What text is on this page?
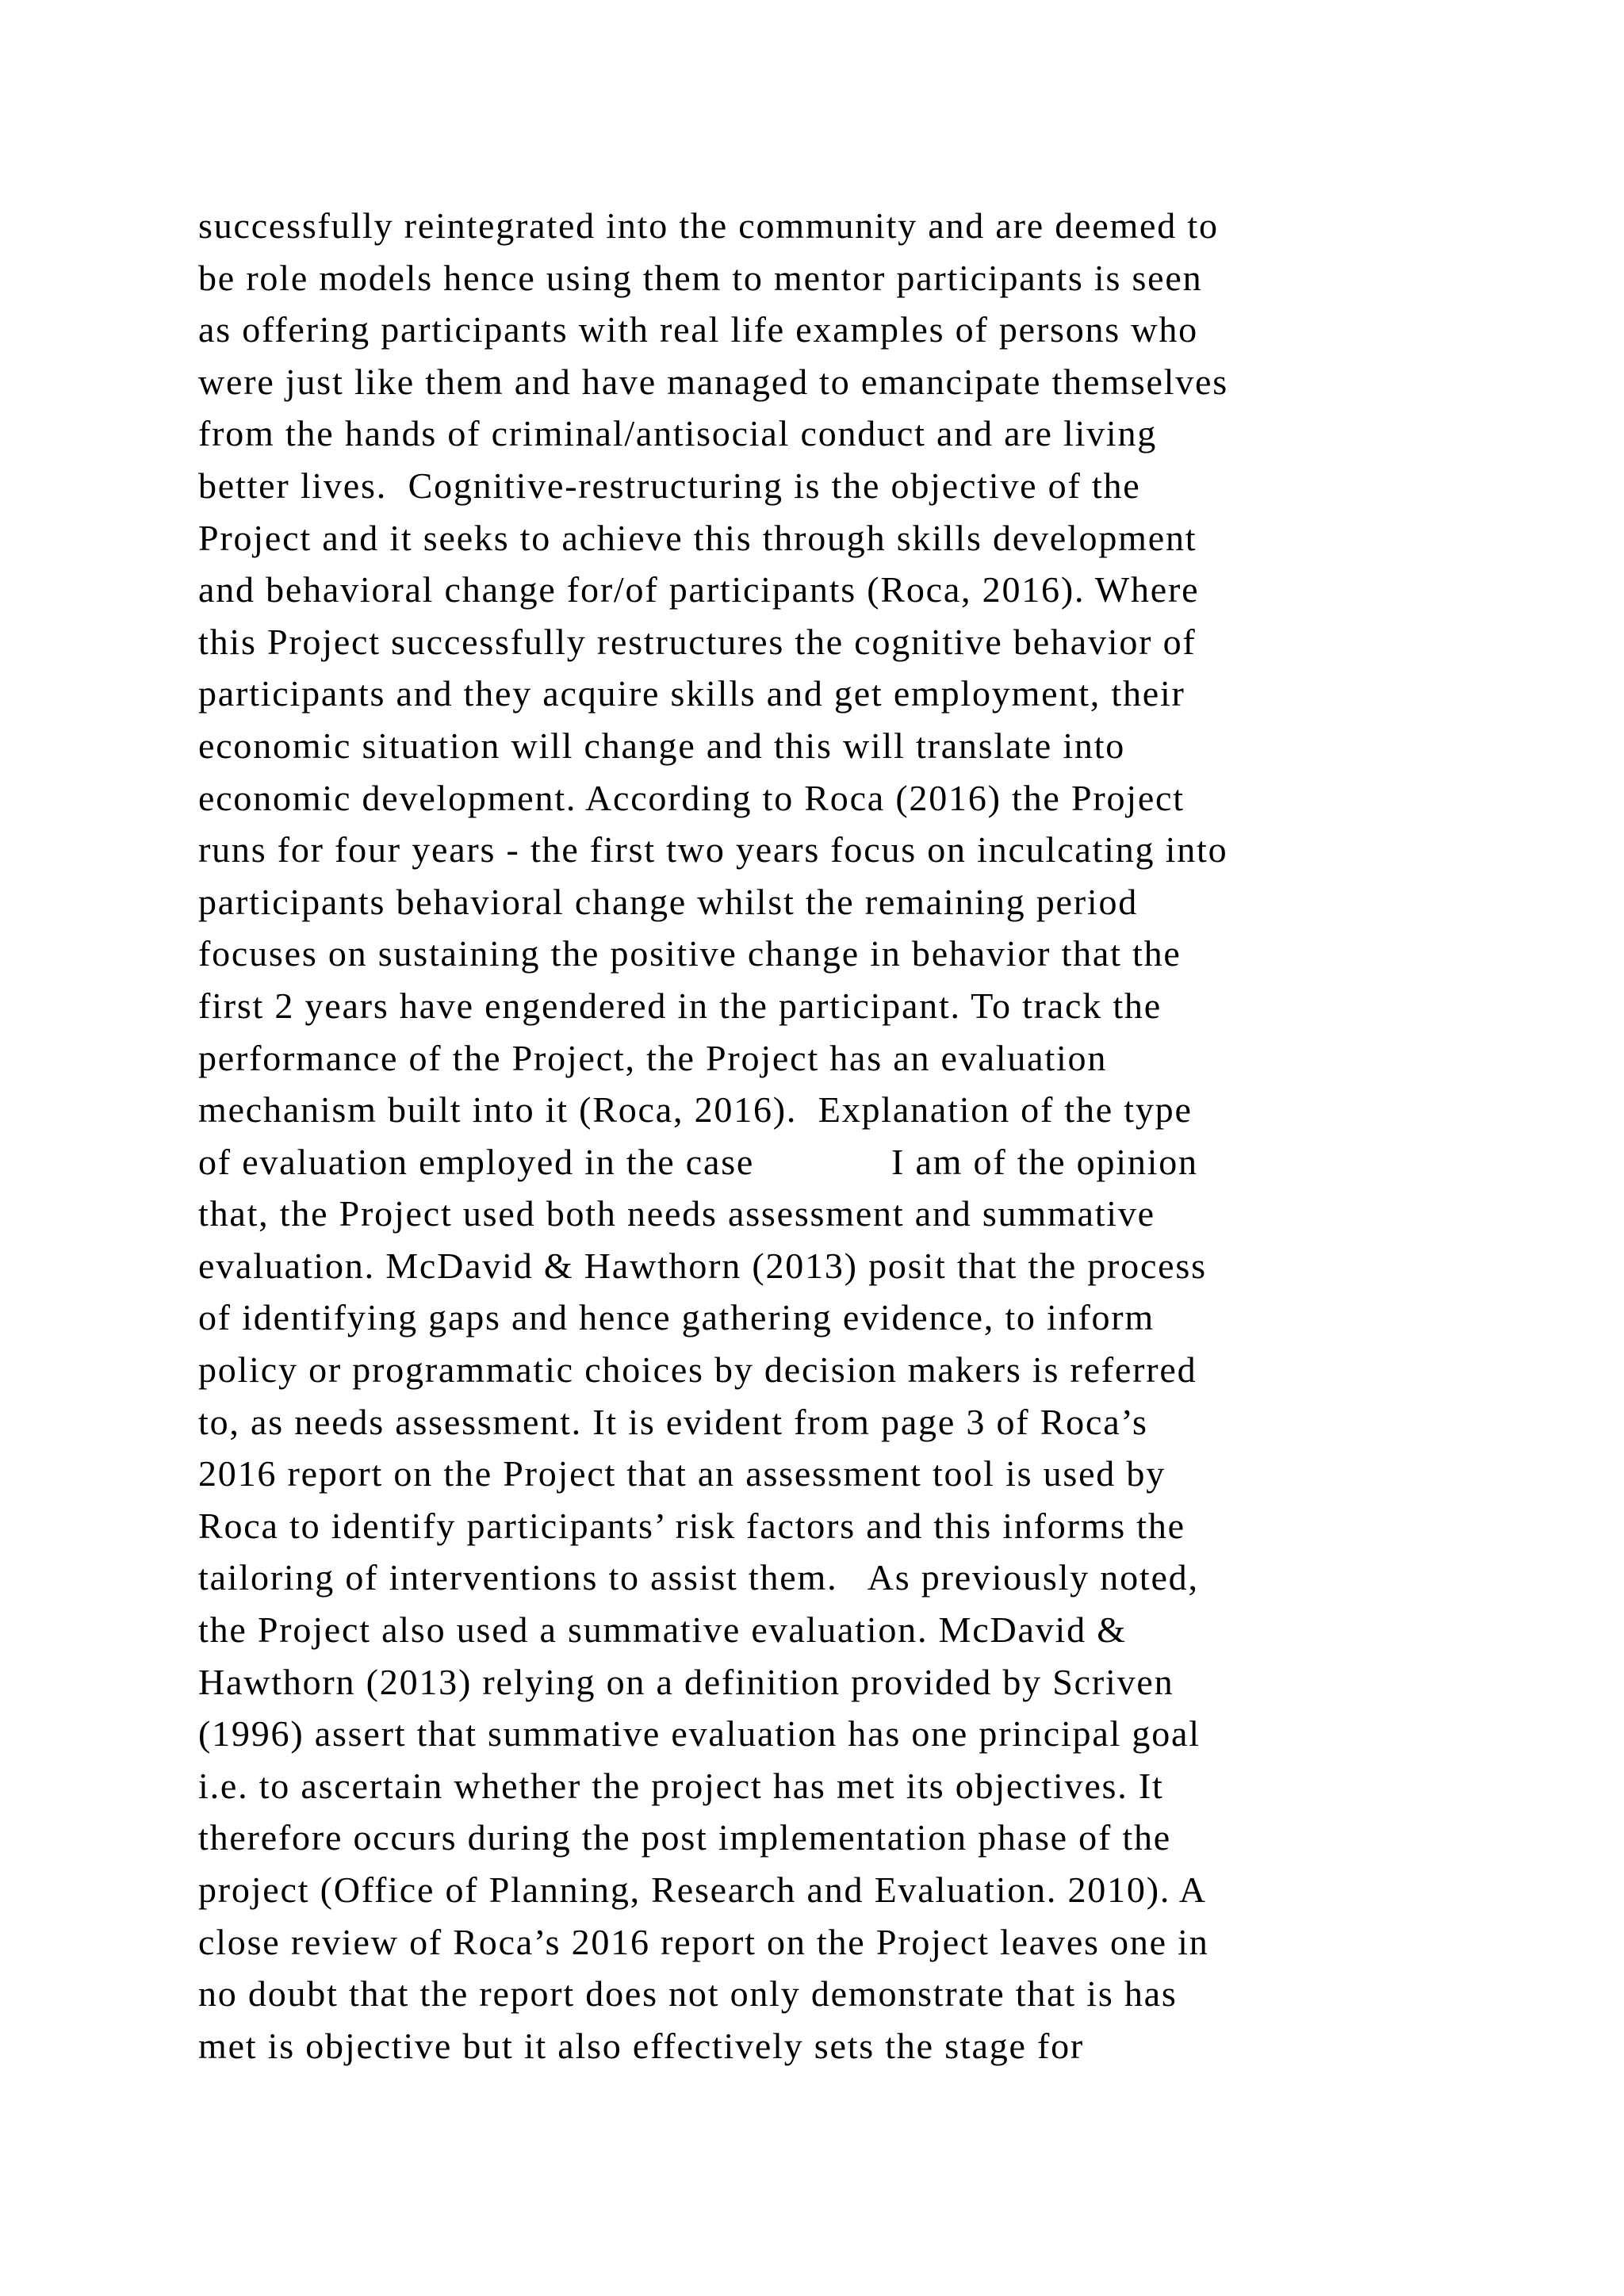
successfully reintegrated into the community and are deemed to
be role models hence using them to mentor participants is seen
as offering participants with real life examples of persons who
were just like them and have managed to emancipate themselves
from the hands of criminal/antisocial conduct and are living
better lives.  Cognitive-restructuring is the objective of the
Project and it seeks to achieve this through skills development
and behavioral change for/of participants (Roca, 2016). Where
this Project successfully restructures the cognitive behavior of
participants and they acquire skills and get employment, their
economic situation will change and this will translate into
economic development. According to Roca (2016) the Project
runs for four years - the first two years focus on inculcating into
participants behavioral change whilst the remaining period
focuses on sustaining the positive change in behavior that the
first 2 years have engendered in the participant. To track the
performance of the Project, the Project has an evaluation
mechanism built into it (Roca, 2016).  Explanation of the type
of evaluation employed in the case             I am of the opinion
that, the Project used both needs assessment and summative
evaluation. McDavid & Hawthorn (2013) posit that the process
of identifying gaps and hence gathering evidence, to inform
policy or programmatic choices by decision makers is referred
to, as needs assessment. It is evident from page 3 of Roca’s
2016 report on the Project that an assessment tool is used by
Roca to identify participants’ risk factors and this informs the
tailoring of interventions to assist them.   As previously noted,
the Project also used a summative evaluation. McDavid &
Hawthorn (2013) relying on a definition provided by Scriven
(1996) assert that summative evaluation has one principal goal
i.e. to ascertain whether the project has met its objectives. It
therefore occurs during the post implementation phase of the
project (Office of Planning, Research and Evaluation. 2010). A
close review of Roca’s 2016 report on the Project leaves one in
no doubt that the report does not only demonstrate that is has
met is objective but it also effectively sets the stage for
